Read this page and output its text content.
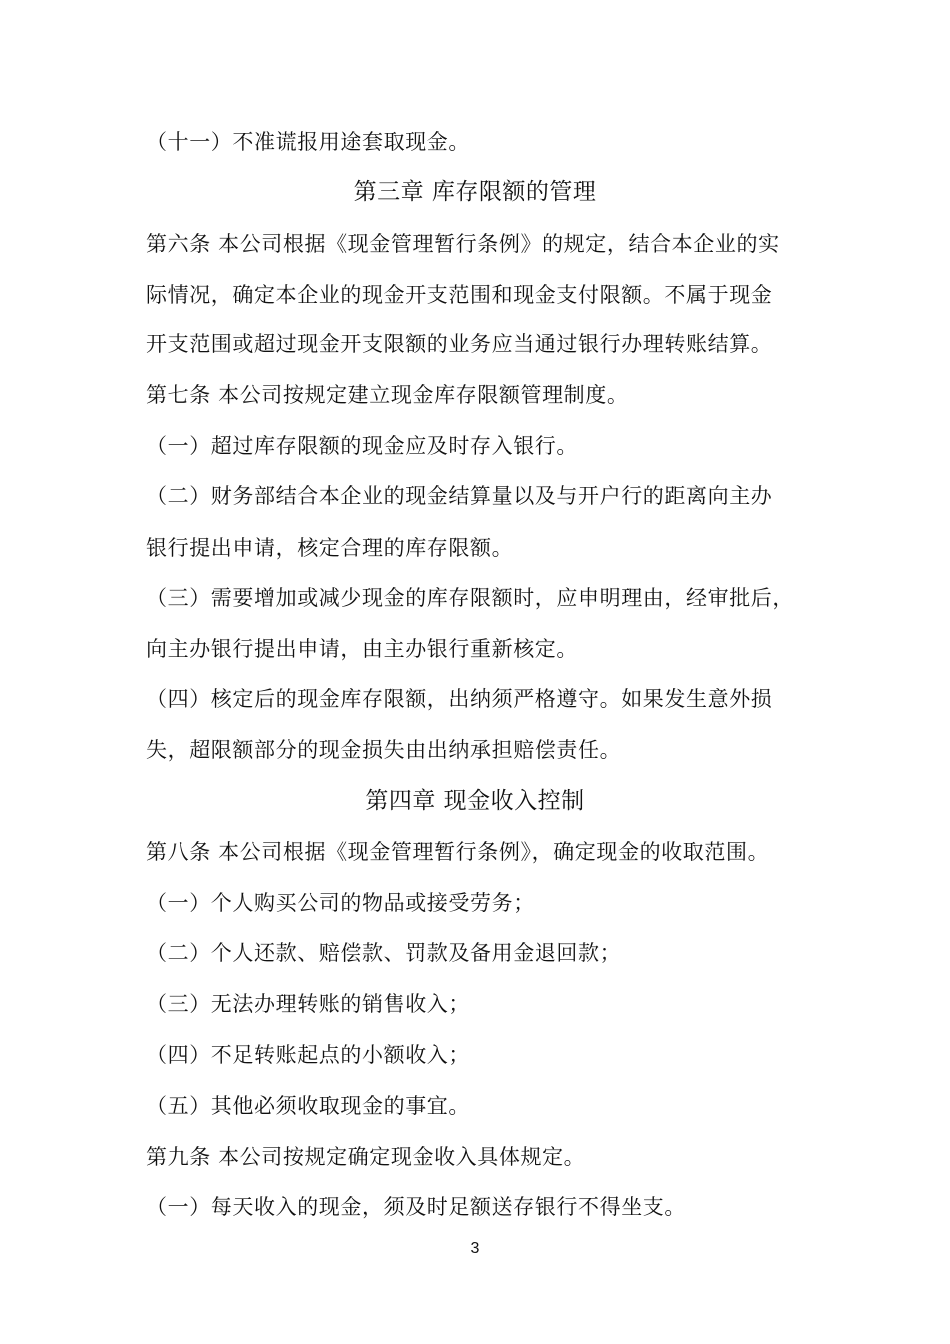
（十一）不准谎报用途套取现金。
第三章 库存限额的管理
第六条 本公司根据《现金管理暂行条例》的规定，结合本企业的实
际情况，确定本企业的现金开支范围和现金支付限额。不属于现金
开支范围或超过现金开支限额的业务应当通过银行办理转账结算。
第七条 本公司按规定建立现金库存限额管理制度。
（一）超过库存限额的现金应及时存入银行。
（二）财务部结合本企业的现金结算量以及与开户行的距离向主办
银行提出申请，核定合理的库存限额。
（三）需要增加或减少现金的库存限额时，应申明理由，经审批后，
向主办银行提出申请，由主办银行重新核定。
（四）核定后的现金库存限额，出纳须严格遵守。如果发生意外损
失，超限额部分的现金损失由出纳承担赔偿责任。
第四章 现金收入控制
第八条 本公司根据《现金管理暂行条例》，确定现金的收取范围。
（一）个人购买公司的物品或接受劳务；
（二）个人还款、赔偿款、罚款及备用金退回款；
（三）无法办理转账的销售收入；
（四）不足转账起点的小额收入；
（五）其他必须收取现金的事宜。
第九条 本公司按规定确定现金收入具体规定。
（一）每天收入的现金，须及时足额送存银行不得坐支。
3
